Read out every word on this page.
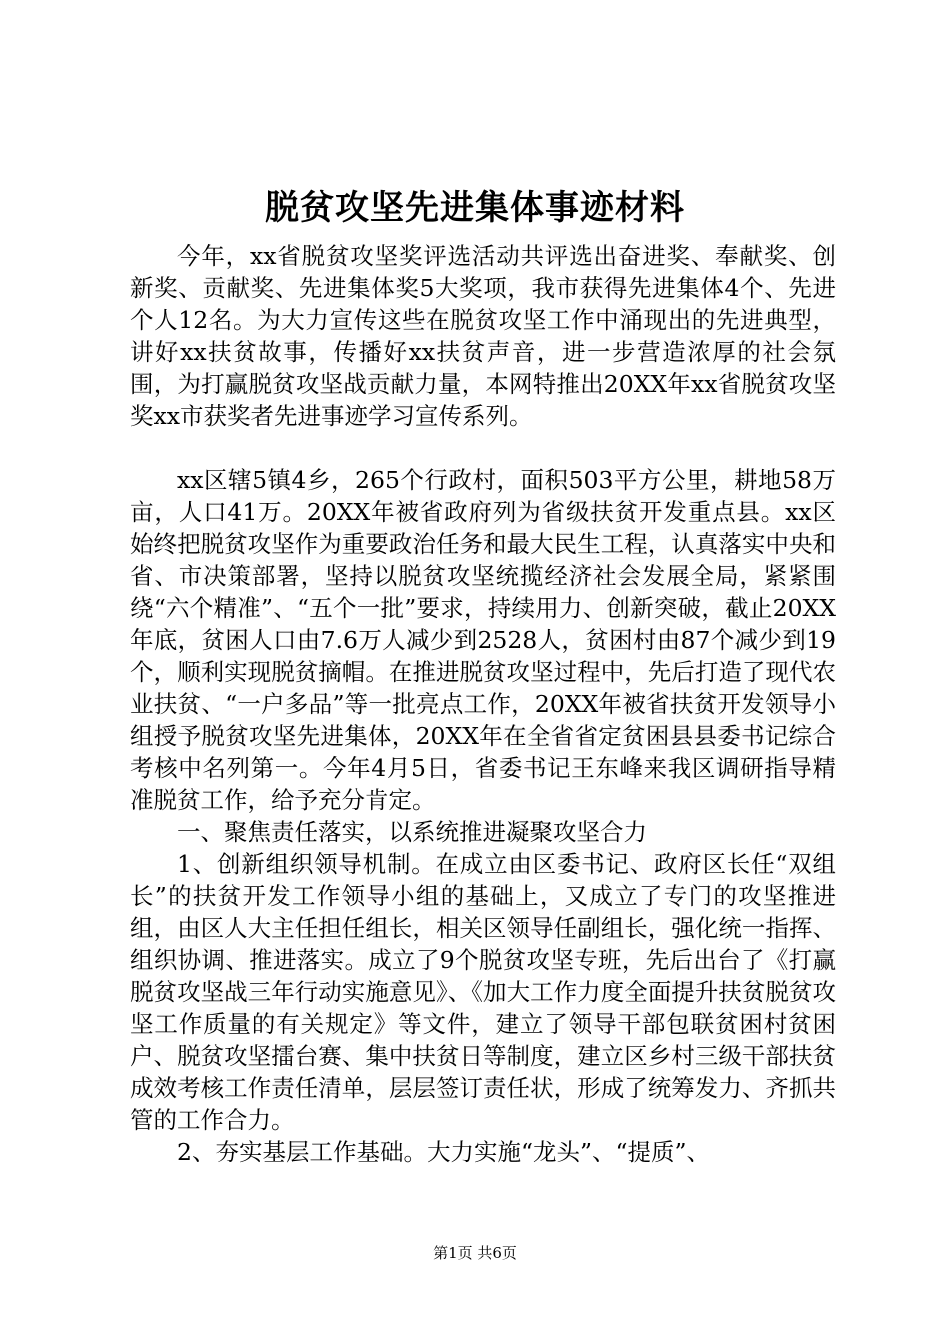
脱贫攻坚先进集体事迹材料

今年，xx省脱贫攻坚奖评选活动共评选出奋进奖、奉献奖、创新奖、贡献奖、先进集体奖5大奖项，我市获得先进集体4个、先进个人12名。为大力宣传这些在脱贫攻坚工作中涌现出的先进典型，讲好xx扶贫故事，传播好xx扶贫声音，进一步营造浓厚的社会氛围，为打赢脱贫攻坚战贡献力量，本网特推出20XX年xx省脱贫攻坚奖xx市获奖者先进事迹学习宣传系列。

xx区辖5镇4乡，265个行政村，面积503平方公里，耕地58万亩，人口41万。20XX年被省政府列为省级扶贫开发重点县。xx区始终把脱贫攻坚作为重要政治任务和最大民生工程，认真落实中央和省、市决策部署，坚持以脱贫攻坚统揽经济社会发展全局，紧紧围绕“六个精准”、“五个一批”要求，持续用力、创新突破，截止20XX年底，贫困人口由7.6万人减少到2528人，贫困村由87个减少到19个，顺利实现脱贫摘帽。在推进脱贫攻坚过程中，先后打造了现代农业扶贫、“一户多品”等一批亮点工作，20XX年被省扶贫开发领导小组授予脱贫攻坚先进集体，20XX年在全省省定贫困县县委书记综合考核中名列第一。今年4月5日，省委书记王东峰来我区调研指导精准脱贫工作，给予充分肯定。

一、聚焦责任落实，以系统推进凝聚攻坚合力

1、创新组织领导机制。在成立由区委书记、政府区长任“双组长”的扶贫开发工作领导小组的基础上，又成立了专门的攻坚推进组，由区人大主任担任组长，相关区领导任副组长，强化统一指挥、组织协调、推进落实。成立了9个脱贫攻坚专班，先后出台了《打赢脱贫攻坚战三年行动实施意见》、《加大工作力度全面提升扶贫脱贫攻坚工作质量的有关规定》等文件，建立了领导干部包联贫困村贫困户、脱贫攻坚擂台赛、集中扶贫日等制度，建立区乡村三级干部扶贫成效考核工作责任清单，层层签订责任状，形成了统筹发力、齐抓共管的工作合力。

2、夯实基层工作基础。大力实施“龙头”、“提质”、

第1页 共6页
